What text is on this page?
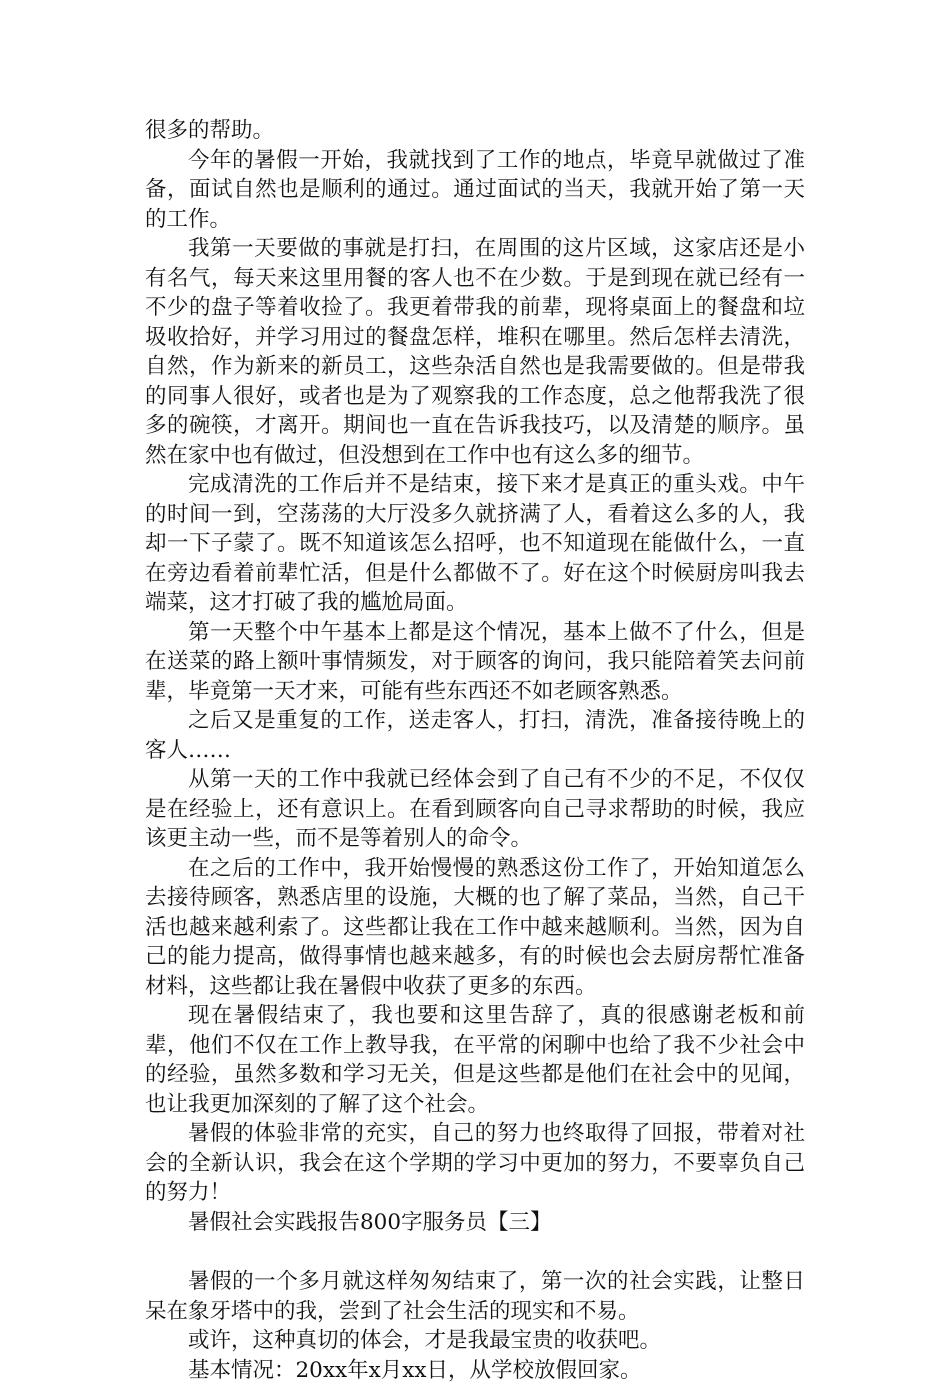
很多的帮助。

今年的暑假一开始，我就找到了工作的地点，毕竟早就做过了准备，面试自然也是顺利的通过。通过面试的当天，我就开始了第一天的工作。

我第一天要做的事就是打扫，在周围的这片区域，这家店还是小有名气，每天来这里用餐的客人也不在少数。于是到现在就已经有一不少的盘子等着收捡了。我更着带我的前辈，现将桌面上的餐盘和垃圾收拾好，并学习用过的餐盘怎样，堆积在哪里。然后怎样去清洗，自然，作为新来的新员工，这些杂活自然也是我需要做的。但是带我的同事人很好，或者也是为了观察我的工作态度，总之他帮我洗了很多的碗筷，才离开。期间也一直在告诉我技巧，以及清楚的顺序。虽然在家中也有做过，但没想到在工作中也有这么多的细节。

完成清洗的工作后并不是结束，接下来才是真正的重头戏。中午的时间一到，空荡荡的大厅没多久就挤满了人，看着这么多的人，我却一下子蒙了。既不知道该怎么招呼，也不知道现在能做什么，一直在旁边看着前辈忙活，但是什么都做不了。好在这个时候厨房叫我去端菜，这才打破了我的尴尬局面。

第一天整个中午基本上都是这个情况，基本上做不了什么，但是在送菜的路上额叶事情频发，对于顾客的询问，我只能陪着笑去问前辈，毕竟第一天才来，可能有些东西还不如老顾客熟悉。

之后又是重复的工作，送走客人，打扫，清洗，准备接待晚上的客人……

从第一天的工作中我就已经体会到了自己有不少的不足，不仅仅是在经验上，还有意识上。在看到顾客向自己寻求帮助的时候，我应该更主动一些，而不是等着别人的命令。

在之后的工作中，我开始慢慢的熟悉这份工作了，开始知道怎么去接待顾客，熟悉店里的设施，大概的也了解了菜品，当然，自己干活也越来越利索了。这些都让我在工作中越来越顺利。当然，因为自己的能力提高，做得事情也越来越多，有的时候也会去厨房帮忙准备材料，这些都让我在暑假中收获了更多的东西。

现在暑假结束了，我也要和这里告辞了，真的很感谢老板和前辈，他们不仅在工作上教导我，在平常的闲聊中也给了我不少社会中的经验，虽然多数和学习无关，但是这些都是他们在社会中的见闻，也让我更加深刻的了解了这个社会。

暑假的体验非常的充实，自己的努力也终取得了回报，带着对社会的全新认识，我会在这个学期的学习中更加的努力，不要辜负自己的努力！

暑假社会实践报告800字服务员【三】

暑假的一个多月就这样匆匆结束了，第一次的社会实践，让整日呆在象牙塔中的我，尝到了社会生活的现实和不易。

或许，这种真切的体会，才是我最宝贵的收获吧。

基本情况：20xx年x月xx日，从学校放假回家。
